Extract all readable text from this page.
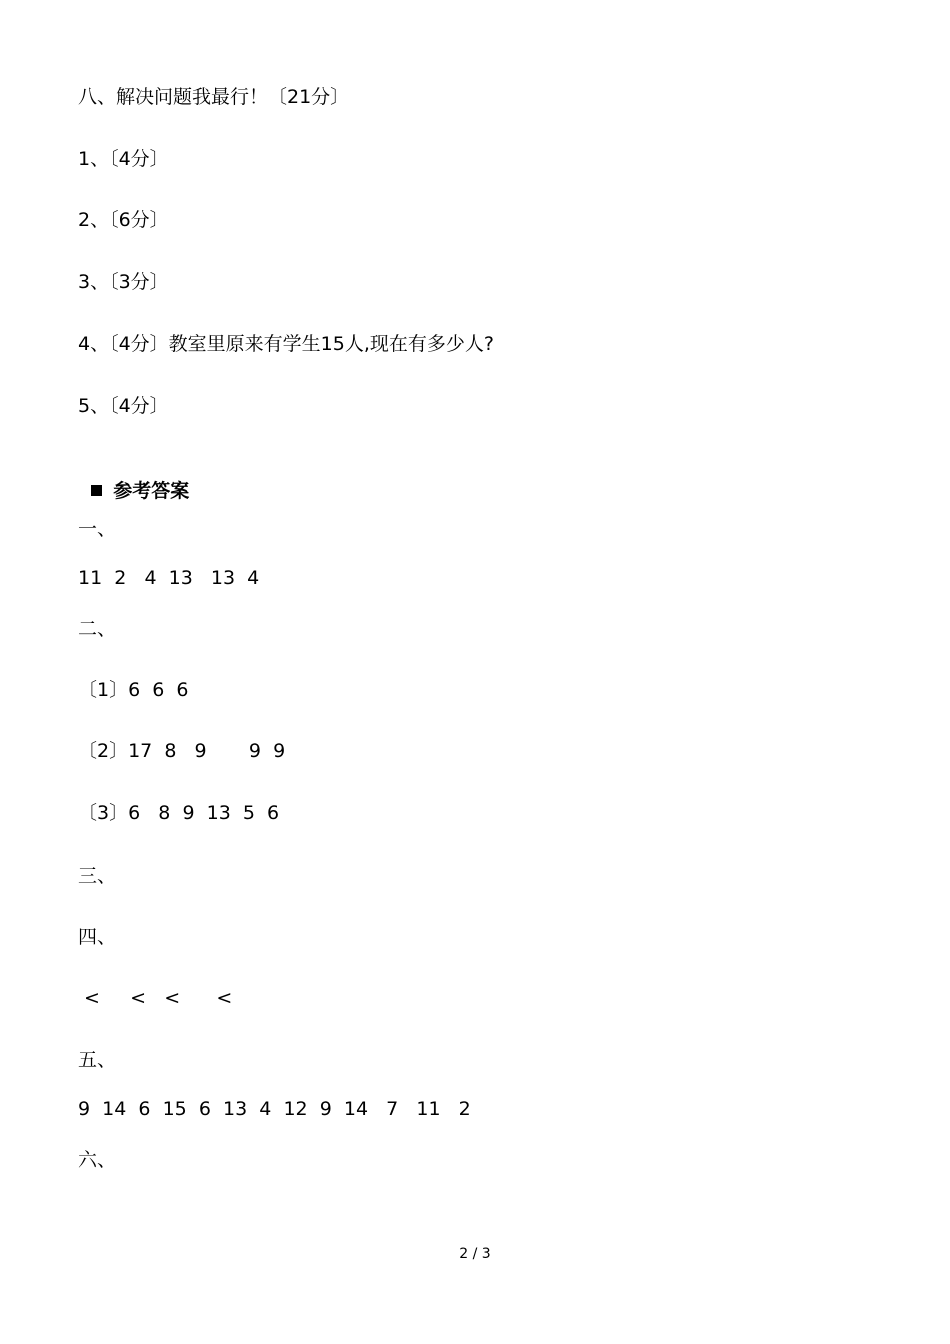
八、解决问题我最行！〔21分〕
1、〔4分〕
2、〔6分〕
3、〔3分〕
4、〔4分〕教室里原来有学生15人,现在有多少人?
5、〔4分〕

参考答案

一、
11  2   4  13   13  4
二、
〔1〕6  6  6
〔2〕17  8   9       9  9
〔3〕6   8  9  13  5  6
三、
四、
<     <   <      <
五、
9  14  6  15  6  13  4  12  9  14   7   11   2
六、
2 / 3
